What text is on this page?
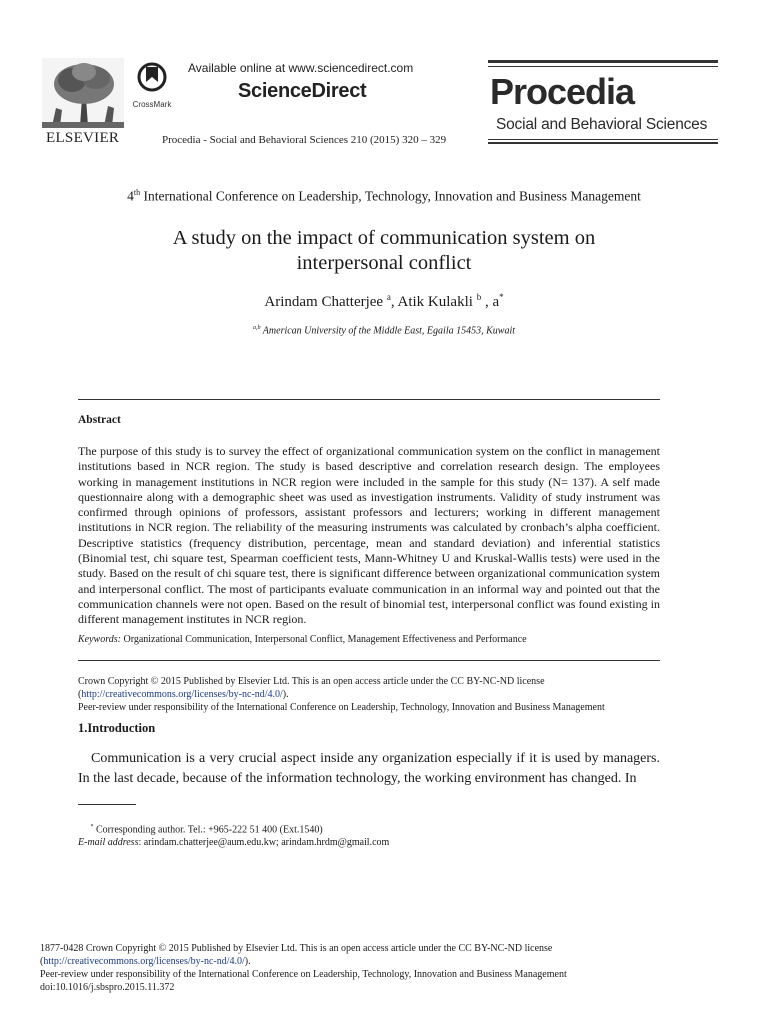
ELSEVIER
CrossMark
Available online at www.sciencedirect.com
ScienceDirect
Procedia - Social and Behavioral Sciences 210 (2015) 320 – 329
Procedia
Social and Behavioral Sciences
4th International Conference on Leadership, Technology, Innovation and Business Management
A study on the impact of communication system on
interpersonal conflict
Arindam Chatterjee $^a$, Atik Kulakli $^b$ , a*
$^{a,b}$ American University of the Middle East, Egaila 15453, Kuwait
Abstract

The purpose of this study is to survey the effect of organizational communication system on the conflict in management institutions based in NCR region. The study is based descriptive and correlation research design. The employees working in management institutions in NCR region were included in the sample for this study (N= 137). A self made questionnaire along with a demographic sheet was used as investigation instruments. Validity of study instrument was confirmed through opinions of professors, assistant professors and lecturers; working in different management institutions in NCR region. The reliability of the measuring instruments was calculated by cronbach’s alpha coefficient. Descriptive statistics (frequency distribution, percentage, mean and standard deviation) and inferential statistics (Binomial test, chi square test, Spearman coefficient tests, Mann-Whitney U and Kruskal-Wallis tests) were used in the study. Based on the result of chi square test, there is significant difference between organizational communication system and interpersonal conflict. The most of participants evaluate communication in an informal way and pointed out that the communication channels were not open. Based on the result of binomial test, interpersonal conflict was found existing in different management institutes in NCR region.

Keywords: Organizational Communication, Interpersonal Conflict, Management Effectiveness and Performance
Crown Copyright © 2015 Published by Elsevier Ltd. This is an open access article under the CC BY-NC-ND license
(http://creativecommons.org/licenses/by-nc-nd/4.0/).
Peer-review under responsibility of the International Conference on Leadership, Technology, Innovation and Business Management
1.Introduction

Communication is a very crucial aspect inside any organization especially if it is used by managers. In the last decade, because of the information technology, the working environment has changed. In

* Corresponding author. Tel.: +965-222 51 400 (Ext.1540)
E-mail address: arindam.chatterjee@aum.edu.kw; arindam.hrdm@gmail.com
1877-0428 Crown Copyright © 2015 Published by Elsevier Ltd. This is an open access article under the CC BY-NC-ND license
(http://creativecommons.org/licenses/by-nc-nd/4.0/).
Peer-review under responsibility of the International Conference on Leadership, Technology, Innovation and Business Management
doi:10.1016/j.sbspro.2015.11.372
